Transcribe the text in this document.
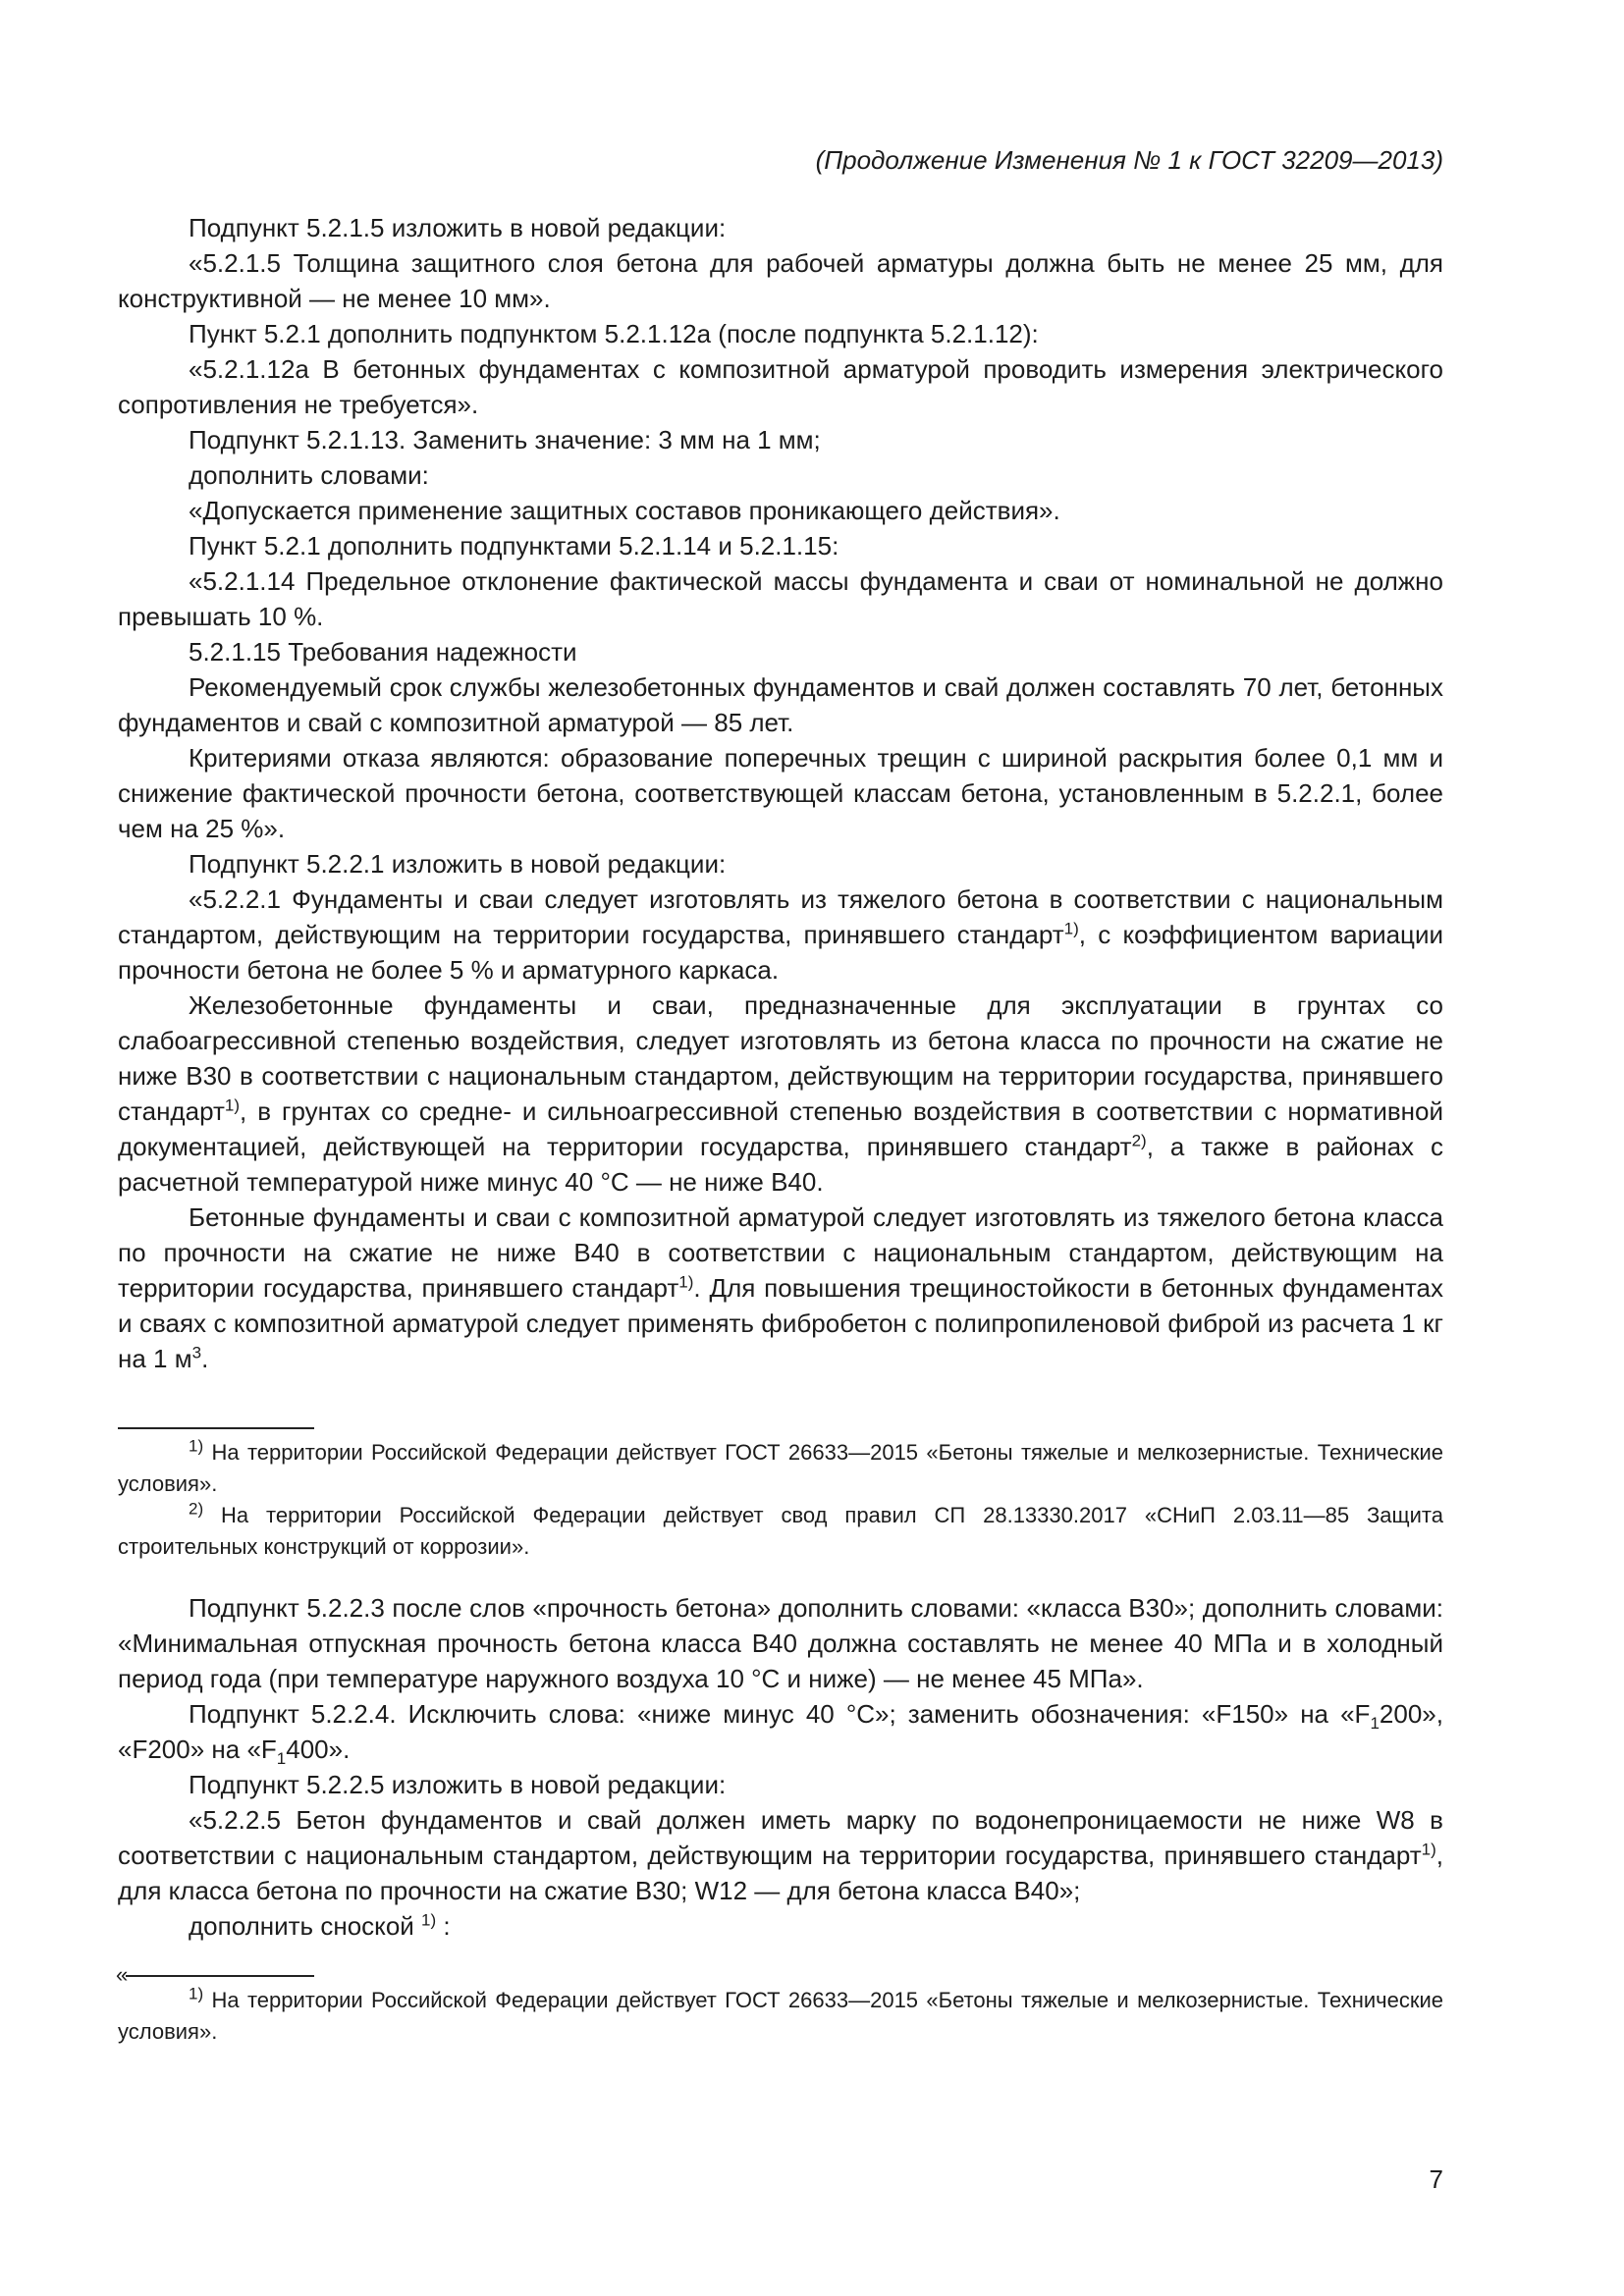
(Продолжение Изменения № 1 к ГОСТ 32209—2013)

Подпункт 5.2.1.5 изложить в новой редакции:

«5.2.1.5 Толщина защитного слоя бетона для рабочей арматуры должна быть не менее 25 мм, для конструктивной — не менее 10 мм».

Пункт 5.2.1 дополнить подпунктом 5.2.1.12а (после подпункта 5.2.1.12):

«5.2.1.12а В бетонных фундаментах с композитной арматурой проводить измерения электрического сопротивления не требуется».

Подпункт 5.2.1.13. Заменить значение: 3 мм на 1 мм;

дополнить словами:

«Допускается применение защитных составов проникающего действия».

Пункт 5.2.1 дополнить подпунктами 5.2.1.14 и 5.2.1.15:

«5.2.1.14 Предельное отклонение фактической массы фундамента и сваи от номинальной не должно превышать 10 %.

5.2.1.15 Требования надежности

Рекомендуемый срок службы железобетонных фундаментов и свай должен составлять 70 лет, бетонных фундаментов и свай с композитной арматурой — 85 лет.

Критериями отказа являются: образование поперечных трещин с шириной раскрытия более 0,1 мм и снижение фактической прочности бетона, соответствующей классам бетона, установленным в 5.2.2.1, более чем на 25 %».

Подпункт 5.2.2.1 изложить в новой редакции:

«5.2.2.1 Фундаменты и сваи следует изготовлять из тяжелого бетона в соответствии с национальным стандартом, действующим на территории государства, принявшего стандарт$^{1)}$, с коэффициентом вариации прочности бетона не более 5 % и арматурного каркаса.

Железобетонные фундаменты и сваи, предназначенные для эксплуатации в грунтах со слабоагрессивной степенью воздействия, следует изготовлять из бетона класса по прочности на сжатие не ниже В30 в соответствии с национальным стандартом, действующим на территории государства, принявшего стандарт$^{1)}$, в грунтах со средне- и сильноагрессивной степенью воздействия в соответствии с нормативной документацией, действующей на территории государства, принявшего стандарт$^{2)}$, а также в районах с расчетной температурой ниже минус 40 °С — не ниже В40.

Бетонные фундаменты и сваи с композитной арматурой следует изготовлять из тяжелого бетона класса по прочности на сжатие не ниже В40 в соответствии с национальным стандартом, действующим на территории государства, принявшего стандарт$^{1)}$. Для повышения трещиностойкости в бетонных фундаментах и сваях с композитной арматурой следует применять фибробетон с полипропиленовой фиброй из расчета 1 кг на 1 $м^3$.

$^{1)}$ На территории Российской Федерации действует ГОСТ 26633—2015 «Бетоны тяжелые и мелкозернистые. Технические условия».

$^{2)}$ На территории Российской Федерации действует свод правил СП 28.13330.2017 «СНиП 2.03.11—85 Защита строительных конструкций от коррозии».

Подпункт 5.2.2.3 после слов «прочность бетона» дополнить словами: «класса В30»; дополнить словами: «Минимальная отпускная прочность бетона класса В40 должна составлять не менее 40 МПа и в холодный период года (при температуре наружного воздуха 10 °С и ниже) — не менее 45 МПа».

Подпункт 5.2.2.4. Исключить слова: «ниже минус 40 °С»; заменить обозначения: «F150» на «$F_1200$», «F200» на «$F_1400$».

Подпункт 5.2.2.5 изложить в новой редакции:

«5.2.2.5 Бетон фундаментов и свай должен иметь марку по водонепроницаемости не ниже W8 в соответствии с национальным стандартом, действующим на территории государства, принявшего стандарт$^{1)}$, для класса бетона по прочности на сжатие В30; W12 — для бетона класса В40»;

дополнить сноской $^{1)}$ :

«

$^{1)}$ На территории Российской Федерации действует ГОСТ 26633—2015 «Бетоны тяжелые и мелкозернистые. Технические условия».

7
